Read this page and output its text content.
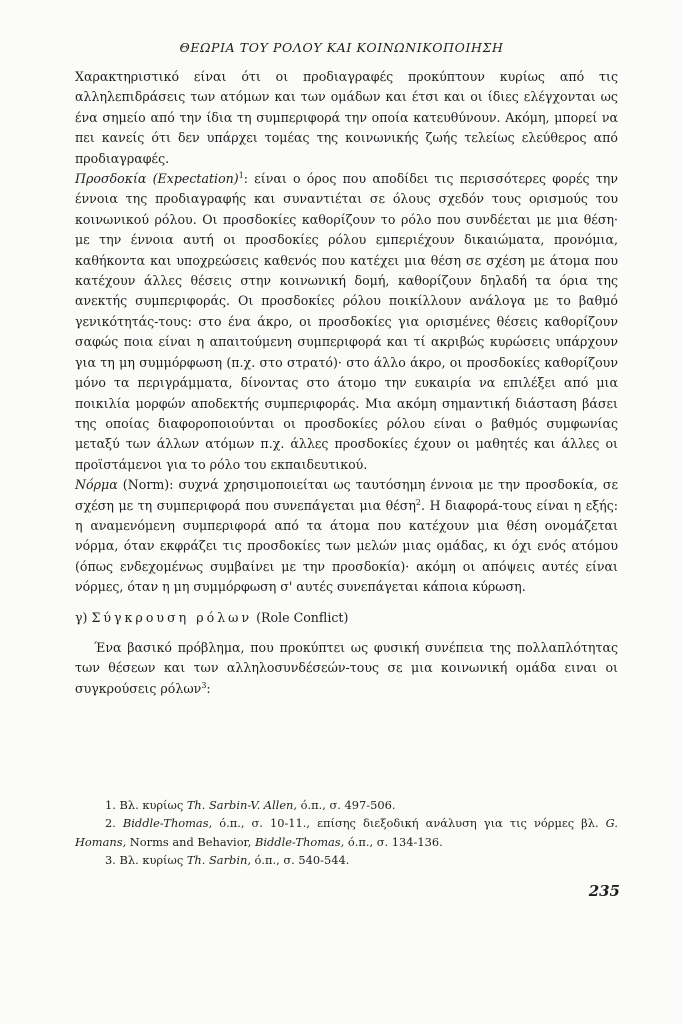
ΘΕΩΡΙΑ ΤΟΥ ΡΟΛΟΥ ΚΑΙ ΚΟΙΝΩΝΙΚΟΠΟΙΗΣΗ

Χαρακτηριστικό είναι ότι οι προδιαγραφές προκύπτουν κυρίως από τις αλληλεπιδράσεις των ατόμων και των ομάδων και έτσι και οι ίδιες ελέγχονται ως ένα σημείο από την ίδια τη συμπεριφορά την οποία κατευθύνουν. Ακόμη, μπορεί να πει κανείς ότι δεν υπάρχει τομέας της κοινωνικής ζωής τελείως ελεύθερος από προδιαγραφές.

Προσδοκία (Expectation)$^1$: είναι ο όρος που αποδίδει τις περισσότερες φορές την έννοια της προδιαγραφής και συναντιέται σε όλους σχεδόν τους ορισμούς του κοινωνικού ρόλου. Οι προσδοκίες καθορίζουν το ρόλο που συνδέεται με μια θέση· με την έννοια αυτή οι προσδοκίες ρόλου εμπεριέχουν δικαιώματα, προνόμια, καθήκοντα και υποχρεώσεις καθενός που κατέχει μια θέση σε σχέση με άτομα που κατέχουν άλλες θέσεις στην κοινωνική δομή, καθορίζουν δηλαδή τα όρια της ανεκτής συμπεριφοράς. Οι προσδοκίες ρόλου ποικίλλουν ανάλογα με το βαθμό γενικότητάς-τους: στο ένα άκρο, οι προσδοκίες για ορισμένες θέσεις καθορίζουν σαφώς ποια είναι η απαιτούμενη συμπεριφορά και τί ακριβώς κυρώσεις υπάρχουν για τη μη συμμόρφωση (π.χ. στο στρατό)· στο άλλο άκρο, οι προσδοκίες καθορίζουν μόνο τα περιγράμματα, δίνοντας στο άτομο την ευκαιρία να επιλέξει από μια ποικιλία μορφών αποδεκτής συμπεριφοράς. Μια ακόμη σημαντική διάσταση βάσει της οποίας διαφοροποιούνται οι προσδοκίες ρόλου είναι ο βαθμός συμφωνίας μεταξύ των άλλων ατόμων π.χ. άλλες προσδοκίες έχουν οι μαθητές και άλλες οι προϊστάμενοι για το ρόλο του εκπαιδευτικού.

Νόρμα (Norm): συχνά χρησιμοποιείται ως ταυτόσημη έννοια με την προσδοκία, σε σχέση με τη συμπεριφορά που συνεπάγεται μια θέση$^2$. Η διαφορά-τους είναι η εξής: η αναμενόμενη συμπεριφορά από τα άτομα που κατέχουν μια θέση ονομάζεται νόρμα, όταν εκφράζει τις προσδοκίες των μελών μιας ομάδας, κι όχι ενός ατόμου (όπως ενδεχομένως συμβαίνει με την προσδοκία)· ακόμη οι απόψεις αυτές είναι νόρμες, όταν η μη συμμόρφωση σ' αυτές συνεπάγεται κάποια κύρωση.

γ) Σύγκρουση ρόλων (Role Conflict)

Ένα βασικό πρόβλημα, που προκύπτει ως φυσική συνέπεια της πολλαπλότητας των θέσεων και των αλληλοσυνδέσεών-τους σε μια κοινωνική ομάδα ειναι οι συγκρούσεις ρόλων$^3$:

1. Βλ. κυρίως Th. Sarbin-V. Allen, ό.π., σ. 497-506.

2. Biddle-Thomas, ό.π., σ. 10-11., επίσης διεξοδική ανάλυση για τις νόρμες βλ. G. Homans, Norms and Behavior, Biddle-Thomas, ό.π., σ. 134-136.

3. Βλ. κυρίως Th. Sarbin, ό.π., σ. 540-544.

235
